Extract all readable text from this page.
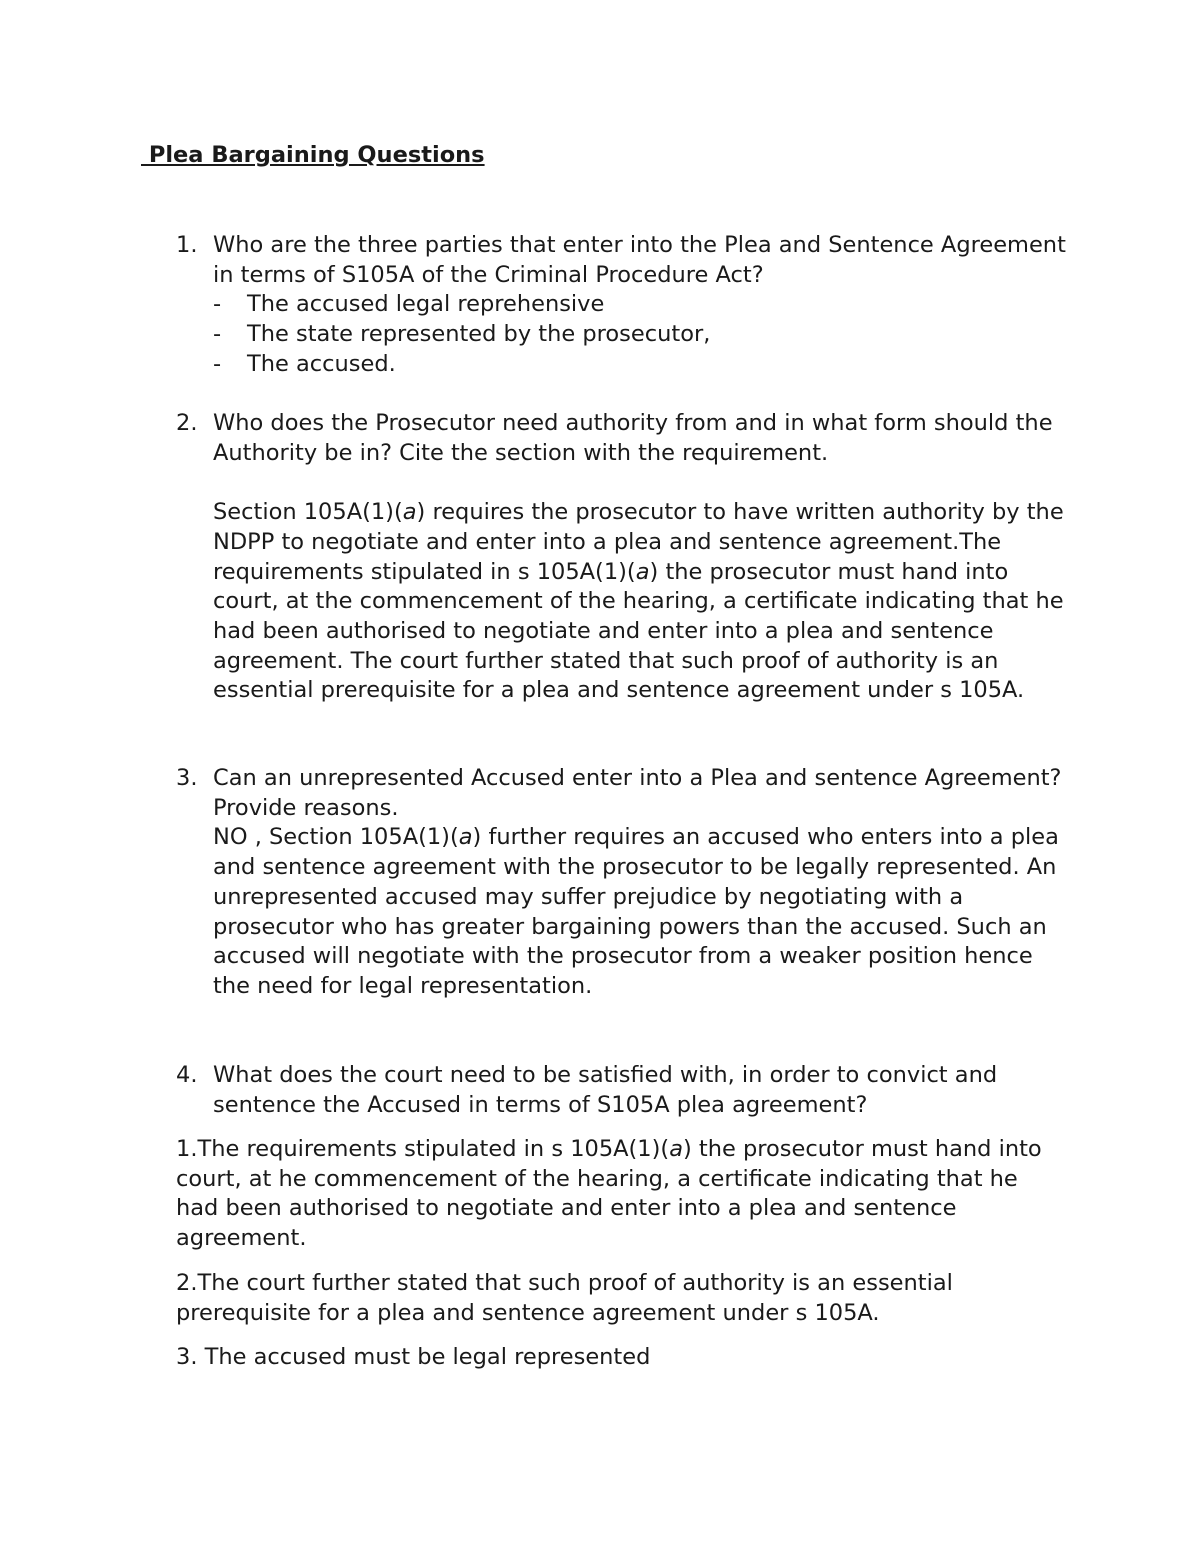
Plea Bargaining Questions
1. Who are the three parties that enter into the Plea and Sentence Agreement in terms of S105A of the Criminal Procedure Act?
-	The accused legal reprehensive
-	The state represented by the prosecutor,
-	The accused.
2. Who does the Prosecutor need authority from and in what form should the Authority be in? Cite the section with the requirement.
Section 105A(1)(a) requires the prosecutor to have written authority by the NDPP to negotiate and enter into a plea and sentence agreement.The requirements stipulated in s 105A(1)(a) the prosecutor must hand into court, at the commencement of the hearing, a certificate indicating that he had been authorised to negotiate and enter into a plea and sentence agreement. The court further stated that such proof of authority is an essential prerequisite for a plea and sentence agreement under s 105A.
3. Can an unrepresented Accused enter into a Plea and sentence Agreement? Provide reasons.
NO , Section 105A(1)(a) further requires an accused who enters into a plea and sentence agreement with the prosecutor to be legally represented. An unrepresented accused may suffer prejudice by negotiating with a prosecutor who has greater bargaining powers than the accused. Such an accused will negotiate with the prosecutor from a weaker position hence the need for legal representation.
4. What does the court need to be satisfied with, in order to convict and sentence the Accused in terms of S105A plea agreement?
1.The requirements stipulated in s 105A(1)(a) the prosecutor must hand into court, at he commencement of the hearing, a certificate indicating that he had been authorised to negotiate and enter into a plea and sentence agreement.
2.The court further stated that such proof of authority is an essential prerequisite for a plea and sentence agreement under s 105A.
3. The accused must be legal represented
